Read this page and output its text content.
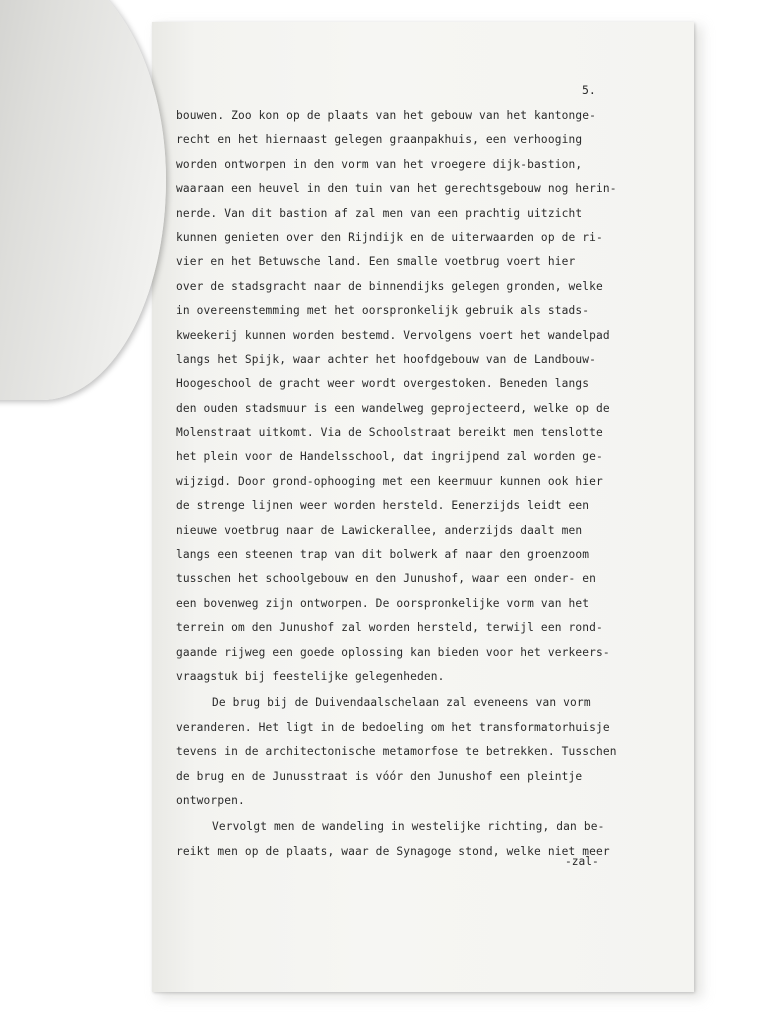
5.
bouwen. Zoo kon op de plaats van het gebouw van het kantonge-
recht en het hiernaast gelegen graanpakhuis, een verhooging
worden ontworpen in den vorm van het vroegere dijk-bastion,
waaraan een heuvel in den tuin van het gerechtsgebouw nog herin-
nerde. Van dit bastion af zal men van een prachtig uitzicht
kunnen genieten over den Rijndijk en de uiterwaarden op de ri-
vier en het Betuwsche land. Een smalle voetbrug voert hier
over de stadsgracht naar de binnendijks gelegen gronden, welke
in overeenstemming met het oorspronkelijk gebruik als stads-
kweekerij kunnen worden bestemd. Vervolgens voert het wandelpad
langs het Spijk, waar achter het hoofdgebouw van de Landbouw-
Hoogeschool de gracht weer wordt overgestoken. Beneden langs
den ouden stadsmuur is een wandelweg geprojecteerd, welke op de
Molenstraat uitkomt. Via de Schoolstraat bereikt men tenslotte
het plein voor de Handelsschool, dat ingrijpend zal worden ge-
wijzigd. Door grond-ophooging met een keermuur kunnen ook hier
de strenge lijnen weer worden hersteld. Eenerzijds leidt een
nieuwe voetbrug naar de Lawickerallee, anderzijds daalt men
langs een steenen trap van dit bolwerk af naar den groenzoom
tusschen het schoolgebouw en den Junushof, waar een onder- en
een bovenweg zijn ontworpen. De oorspronkelijke vorm van het
terrein om den Junushof zal worden hersteld, terwijl een rond-
gaande rijweg een goede oplossing kan bieden voor het verkeers-
vraagstuk bij feestelijke gelegenheden.
De brug bij de Duivendaalschelaan zal eveneens van vorm
veranderen. Het ligt in de bedoeling om het transformatorhuisje
tevens in de architectonische metamorfose te betrekken. Tusschen
de brug en de Junusstraat is vóór den Junushof een pleintje
ontworpen.
Vervolgt men de wandeling in westelijke richting, dan be-
reikt men op de plaats, waar de Synagoge stond, welke niet meer
-zal-
